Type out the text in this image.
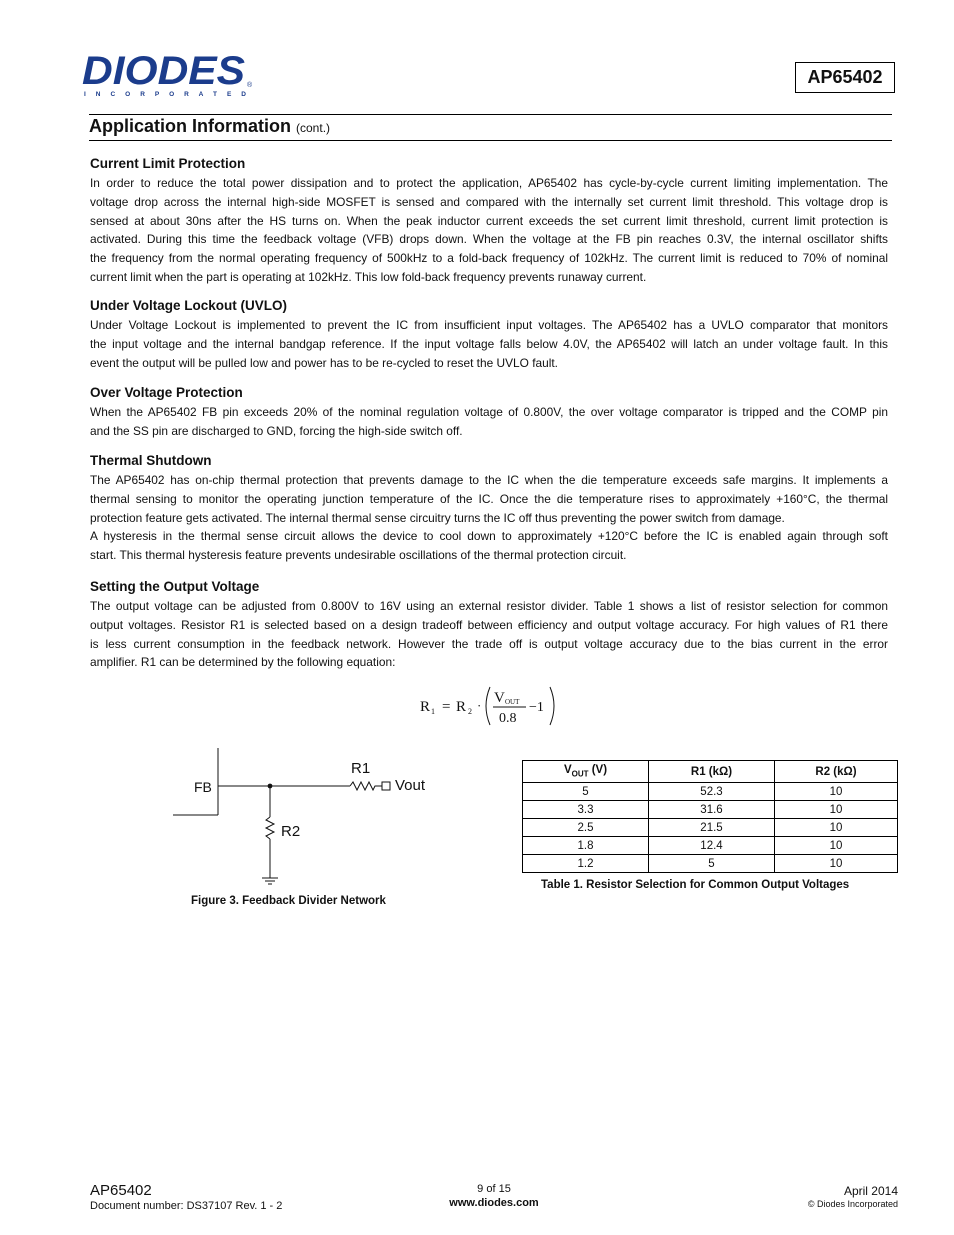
DIODES ®
I N C O R P O R A T E D
AP65402
Application Information (cont.)
Current Limit Protection
In order to reduce the total power dissipation and to protect the application, AP65402 has cycle-by-cycle current limiting implementation. The
voltage drop across the internal high-side MOSFET is sensed and compared with the internally set current limit threshold. This voltage drop is
sensed at about 30ns after the HS turns on. When the peak inductor current exceeds the set current limit threshold, current limit protection is
activated. During this time the feedback voltage (VFB) drops down. When the voltage at the FB pin reaches 0.3V, the internal oscillator shifts
the frequency from the normal operating frequency of 500kHz to a fold-back frequency of 102kHz. The current limit is reduced to 70% of nominal
current limit when the part is operating at 102kHz. This low fold-back frequency prevents runaway current.
Under Voltage Lockout (UVLO)
Under Voltage Lockout is implemented to prevent the IC from insufficient input voltages. The AP65402 has a UVLO comparator that monitors
the input voltage and the internal bandgap reference. If the input voltage falls below 4.0V, the AP65402 will latch an under voltage fault. In this
event the output will be pulled low and power has to be re-cycled to reset the UVLO fault.
Over Voltage Protection
When the AP65402 FB pin exceeds 20% of the nominal regulation voltage of 0.800V, the over voltage comparator is tripped and the COMP pin
and the SS pin are discharged to GND, forcing the high-side switch off.
Thermal Shutdown
The AP65402 has on-chip thermal protection that prevents damage to the IC when the die temperature exceeds safe margins. It implements a
thermal sensing to monitor the operating junction temperature of the IC. Once the die temperature rises to approximately +160°C, the thermal
protection feature gets activated. The internal thermal sense circuitry turns the IC off thus preventing the power switch from damage.
A hysteresis in the thermal sense circuit allows the device to cool down to approximately +120°C before the IC is enabled again through soft
start. This thermal hysteresis feature prevents undesirable oscillations of the thermal protection circuit.
Setting the Output Voltage
The output voltage can be adjusted from 0.800V to 16V using an external resistor divider. Table 1 shows a list of resistor selection for common
output voltages. Resistor R1 is selected based on a design tradeoff between efficiency and output voltage accuracy. For high values of R1 there
is less current consumption in the feedback network. However the trade off is output voltage accuracy due to the bias current in the error
amplifier. R1 can be determined by the following equation:
R 1 = R 2 · V OUT
0.8
−1
FB
R1
Vout
R2
Figure 3. Feedback Divider Network
$V_{OUT}$ (V)	R1 (kΩ)	R2 (kΩ)
5	52.3	10
3.3	31.6	10
2.5	21.5	10
1.8	12.4	10
1.2	5	10
Table 1. Resistor Selection for Common Output Voltages
AP65402
Document number: DS37107 Rev. 1 - 2
9 of 15
www.diodes.com
April 2014
© Diodes Incorporated
